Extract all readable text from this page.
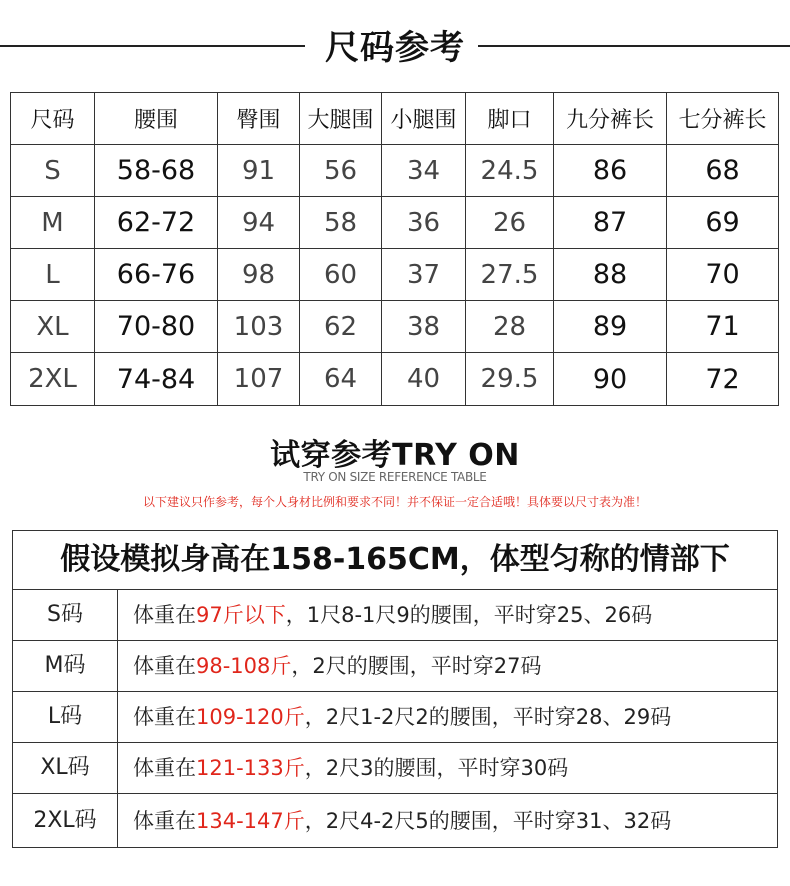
尺码参考
尺码	腰围	臀围	大腿围	小腿围	脚口	九分裤长	七分裤长
S	58-68	91	56	34	24.5	86	68
M	62-72	94	58	36	26	87	69
L	66-76	98	60	37	27.5	88	70
XL	70-80	103	62	38	28	89	71
2XL	74-84	107	64	40	29.5	90	72
试穿参考TRY ON
TRY ON SIZE REFERENCE TABLE
以下建议只作参考，每个人身材比例和要求不同！并不保证一定合适哦！具体要以尺寸表为准！
假设模拟身高在158-165CM，体型匀称的情部下
S码	体重在97斤以下，1尺8-1尺9的腰围，平时穿25、26码
M码	体重在98-108斤，2尺的腰围，平时穿27码
L码	体重在109-120斤，2尺1-2尺2的腰围，平时穿28、29码
XL码	体重在121-133斤，2尺3的腰围，平时穿30码
2XL码	体重在134-147斤，2尺4-2尺5的腰围，平时穿31、32码
